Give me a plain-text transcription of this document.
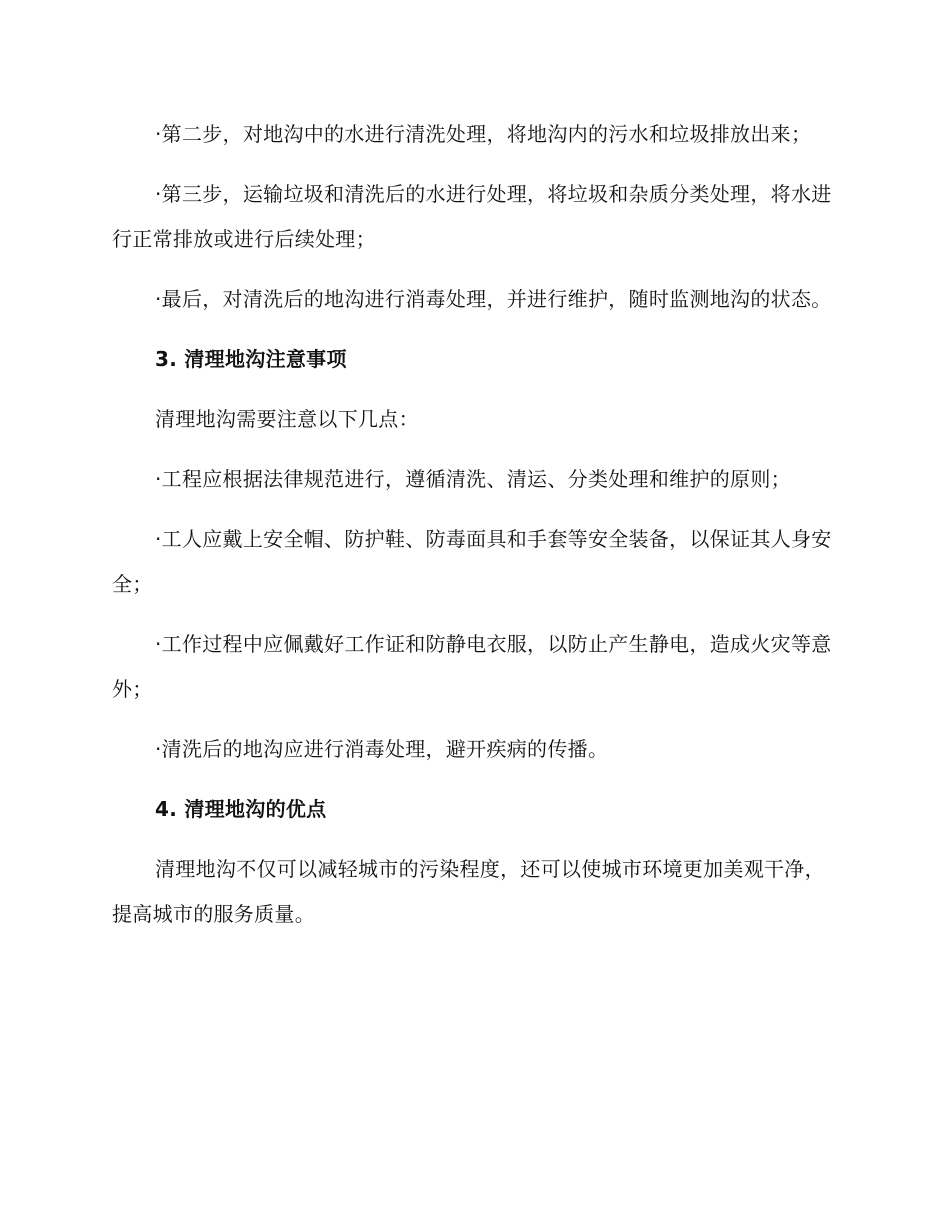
·第二步，对地沟中的水进行清洗处理，将地沟内的污水和垃圾排放出来；

·第三步，运输垃圾和清洗后的水进行处理，将垃圾和杂质分类处理，将水进行正常排放或进行后续处理；

·最后，对清洗后的地沟进行消毒处理，并进行维护，随时监测地沟的状态。

3. 清理地沟注意事项

清理地沟需要注意以下几点：

·工程应根据法律规范进行，遵循清洗、清运、分类处理和维护的原则；

·工人应戴上安全帽、防护鞋、防毒面具和手套等安全装备，以保证其人身安全；

·工作过程中应佩戴好工作证和防静电衣服，以防止产生静电，造成火灾等意外；

·清洗后的地沟应进行消毒处理，避开疾病的传播。

4. 清理地沟的优点

清理地沟不仅可以减轻城市的污染程度，还可以使城市环境更加美观干净，提高城市的服务质量。
